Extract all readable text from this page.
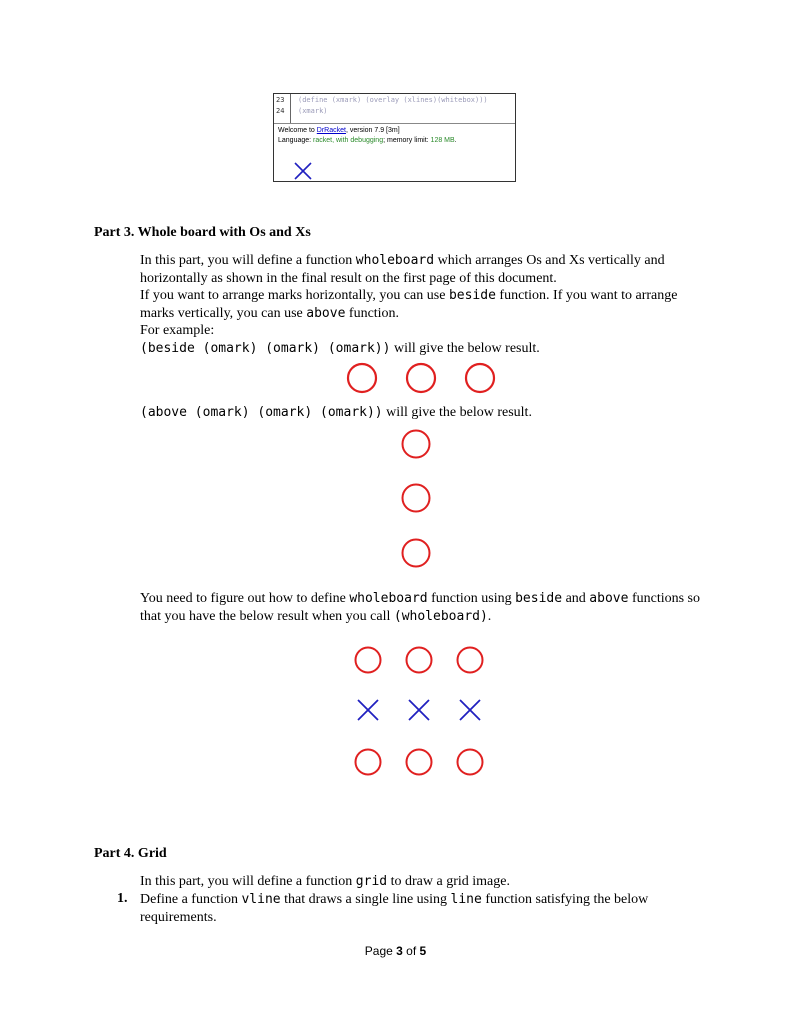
23 (define (xmark) (overlay (xlines)(whitebox)))
24 (xmark)
Welcome to DrRacket, version 7.9 [3m]
Language: racket, with debugging; memory limit: 128 MB.
Part 3. Whole board with Os and Xs

In this part, you will define a function wholeboard which arranges Os and Xs vertically and horizontally as shown in the final result on the first page of this document.

If you want to arrange marks horizontally, you can use beside function. If you want to arrange marks vertically, you can use above function.

For example:

(beside (omark) (omark) (omark)) will give the below result.

(above (omark) (omark) (omark)) will give the below result.

You need to figure out how to define wholeboard function using beside and above functions so that you have the below result when you call (wholeboard).

Part 4. Grid

In this part, you will define a function grid to draw a grid image.

1. Define a function vline that draws a single line using line function satisfying the below requirements.

Page 3 of 5
